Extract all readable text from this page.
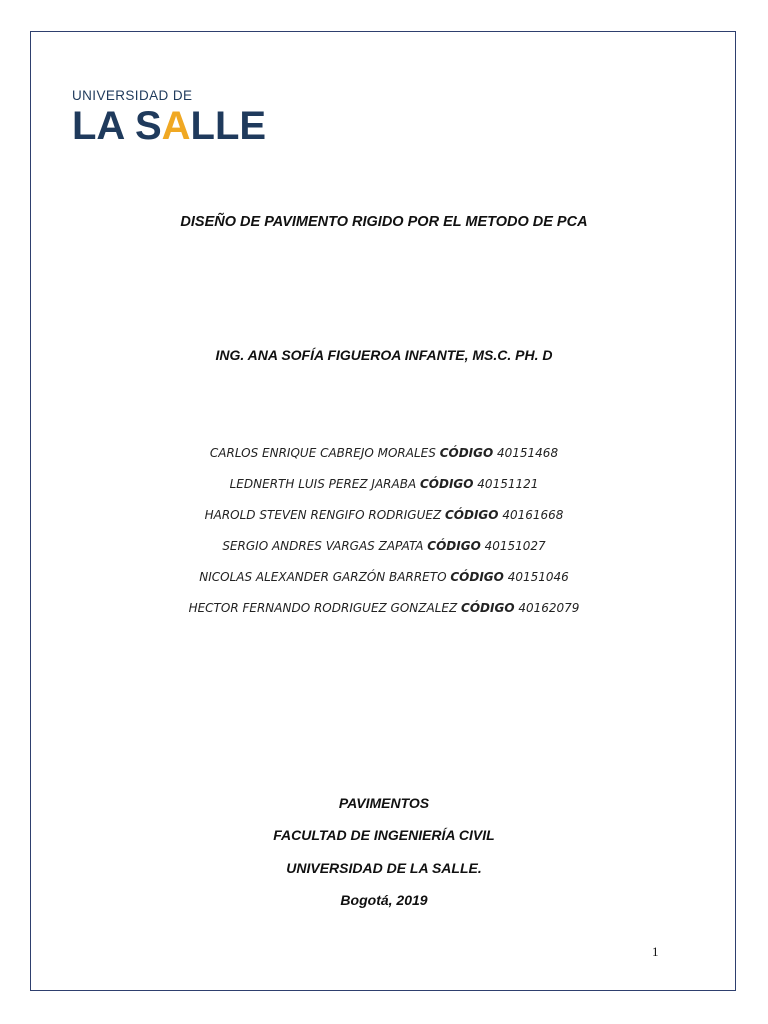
UNIVERSIDAD DE
LA SALLE
DISEÑO DE PAVIMENTO RIGIDO POR EL METODO DE PCA
ING. ANA SOFÍA FIGUEROA INFANTE, MS.C. PH. D
CARLOS ENRIQUE CABREJO MORALES CÓDIGO 40151468
LEDNERTH LUIS PEREZ JARABA CÓDIGO 40151121
HAROLD STEVEN RENGIFO RODRIGUEZ CÓDIGO 40161668
SERGIO ANDRES VARGAS ZAPATA CÓDIGO 40151027
NICOLAS ALEXANDER GARZÓN BARRETO CÓDIGO 40151046
HECTOR FERNANDO RODRIGUEZ GONZALEZ CÓDIGO 40162079
PAVIMENTOS
FACULTAD DE INGENIERÍA CIVIL
UNIVERSIDAD DE LA SALLE.
Bogotá, 2019
1
